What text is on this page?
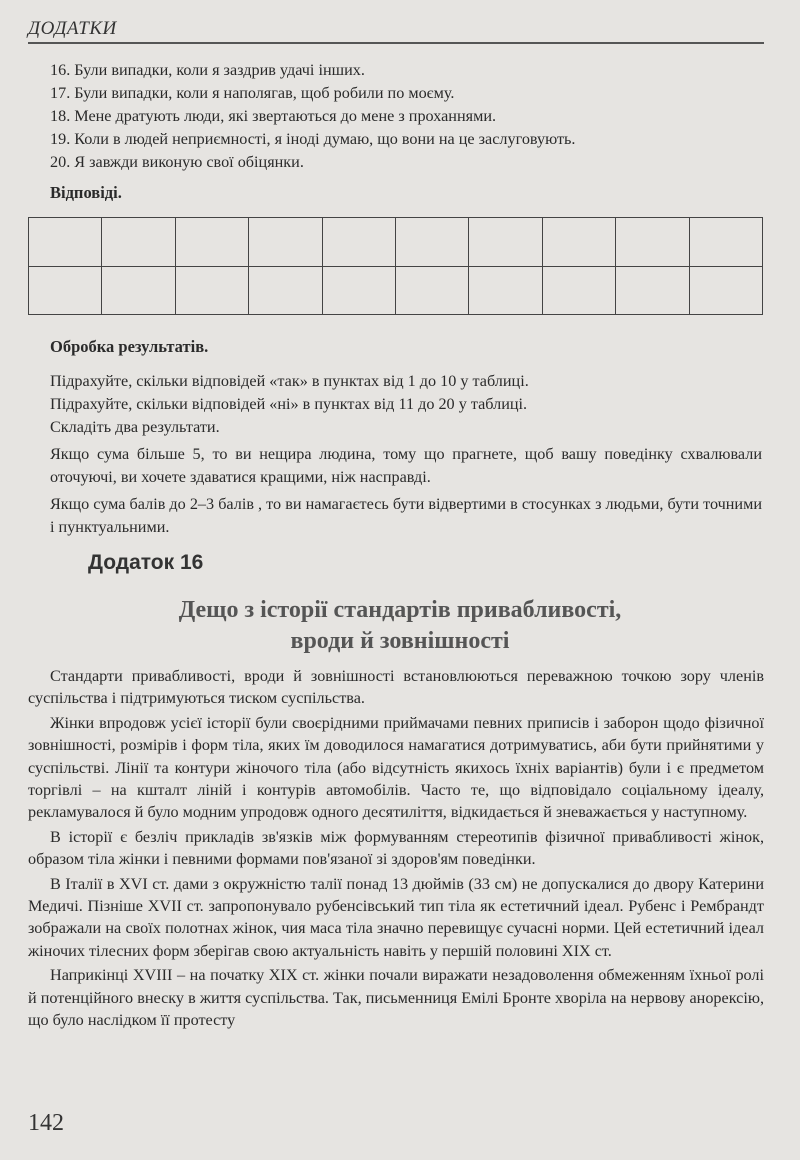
ДОДАТКИ
16. Були випадки, коли я заздрив удачі інших.
17. Були випадки, коли я наполягав, щоб робили по моєму.
18. Мене дратують люди, які звертаються до мене з проханнями.
19. Коли в людей неприємності, я іноді думаю, що вони на це заслуговують.
20. Я завжди виконую свої обіцянки.
Відповіді.

Обробка результатів.

Підрахуйте, скільки відповідей «так» в пунктах від 1 до 10 у таблиці.

Підрахуйте, скільки відповідей «ні» в пунктах від 11 до 20 у таблиці.

Складіть два результати.

Якщо сума більше 5, то ви нещира людина, тому що прагнете, щоб вашу поведінку схвалювали оточуючі, ви хочете здаватися кращими, ніж насправді.

Якщо сума балів до 2–3 балів , то ви намагаєтесь бути відвертими в стосунках з людьми, бути точними і пунктуальними.

Додаток 16
Дещо з історії стандартів привабливості,
вроди й зовнішності

Стандарти привабливості, вроди й зовнішності встановлюються переважною точкою зору членів суспільства і підтримуються тиском суспільства.

Жінки впродовж усієї історії були своєрідними приймачами певних приписів і заборон щодо фізичної зовнішності, розмірів і форм тіла, яких їм доводилося намагатися дотримуватись, аби бути прийнятими у суспільстві. Лінії та контури жіночого тіла (або відсутність якихось їхніх варіантів) були і є предметом торгівлі – на кшталт ліній і контурів автомобілів. Часто те, що відповідало соціальному ідеалу, рекламувалося й було модним упродовж одного десятиліття, відкидається й зневажається у наступному.

В історії є безліч прикладів зв'язків між формуванням стереотипів фізичної привабливості жінок, образом тіла жінки і певними формами пов'язаної зі здоров'ям поведінки.

В Італії в XVI ст. дами з окружністю талії понад 13 дюймів (33 см) не допускалися до двору Катерини Медичі. Пізніше XVII ст. запропонувало рубенсівський тип тіла як естетичний ідеал. Рубенс і Рембрандт зображали на своїх полотнах жінок, чия маса тіла значно перевищує сучасні норми. Цей естетичний ідеал жіночих тілесних форм зберігав свою актуальність навіть у першій половині XIX ст.

Наприкінці XVIII – на початку XIX ст. жінки почали виражати незадоволення обмеженням їхньої ролі й потенційного внеску в життя суспільства. Так, письменниця Емілі Бронте хворіла на нервову анорексію, що було наслідком її протесту

142
